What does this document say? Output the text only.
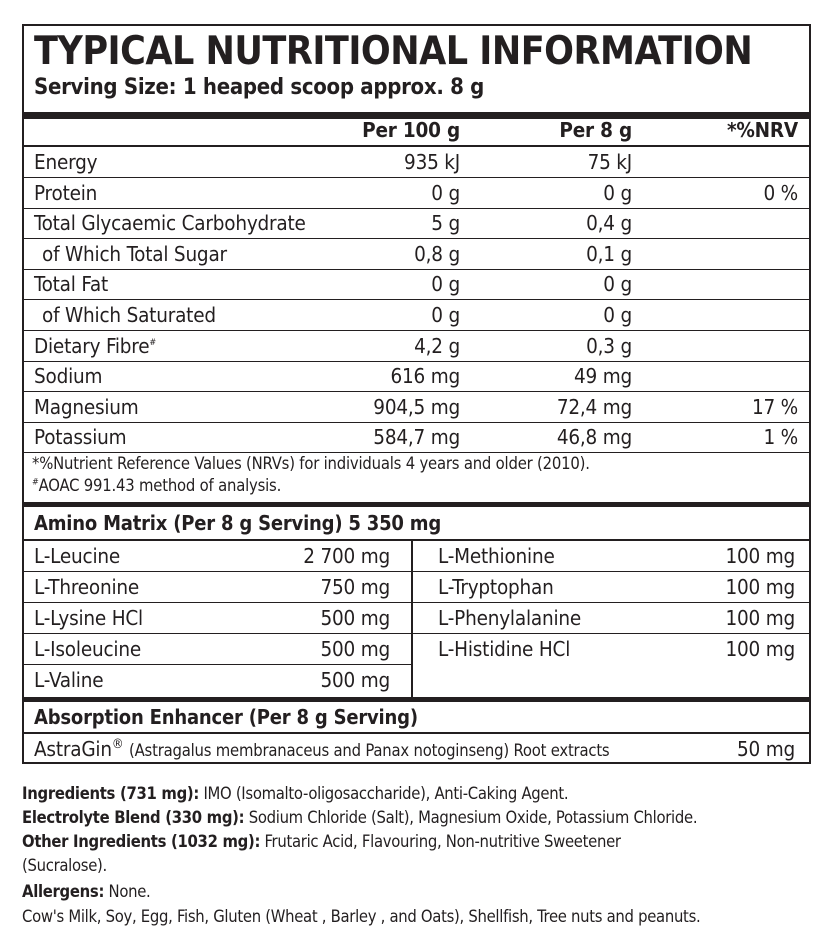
TYPICAL NUTRITIONAL INFORMATION
Serving Size: 1 heaped scoop approx. 8 g
Per 100 g	Per 8 g	*%NRV
Energy	935 kJ	75 kJ
Protein	0 g	0 g	0 %
Total Glycaemic Carbohydrate	5 g	0,4 g
of Which Total Sugar	0,8 g	0,1 g
Total Fat	0 g	0 g
of Which Saturated	0 g	0 g
Dietary Fibre#	4,2 g	0,3 g
Sodium	616 mg	49 mg
Magnesium	904,5 mg	72,4 mg	17 %
Potassium	584,7 mg	46,8 mg	1 %
*%Nutrient Reference Values (NRVs) for individuals 4 years and older (2010).
#AOAC 991.43 method of analysis.
Amino Matrix (Per 8 g Serving) 5 350 mg
L-Leucine	2 700 mg L-Methionine	100 mg
L-Threonine	750 mg L-Tryptophan	100 mg
L-Lysine HCl	500 mg L-Phenylalanine	100 mg
L-Isoleucine	500 mg L-Histidine HCl	100 mg
L-Valine	500 mg
Absorption Enhancer (Per 8 g Serving)
AstraGin® (Astragalus membranaceus and Panax notoginseng) Root extracts	50 mg
Ingredients (731 mg): IMO (Isomalto-oligosaccharide), Anti-Caking Agent.
Electrolyte Blend (330 mg): Sodium Chloride (Salt), Magnesium Oxide, Potassium Chloride.
Other Ingredients (1032 mg): Frutaric Acid, Flavouring, Non-nutritive Sweetener
(Sucralose).
Allergens: None.
Cow's Milk, Soy, Egg, Fish, Gluten (Wheat , Barley , and Oats), Shellfish, Tree nuts and peanuts.
